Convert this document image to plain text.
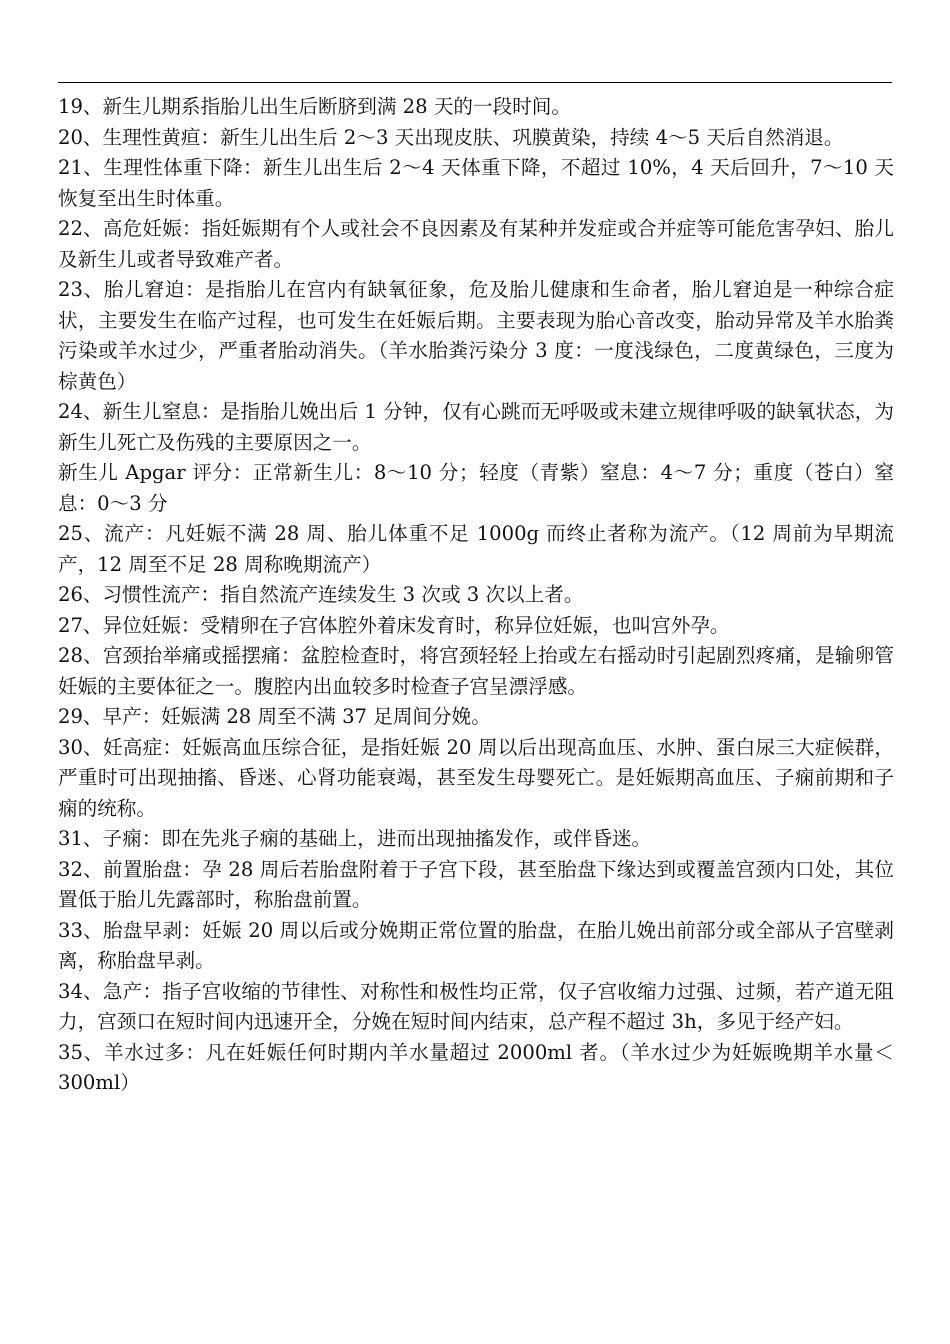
19、新生儿期系指胎儿出生后断脐到满 28 天的一段时间。

20、生理性黄疸：新生儿出生后 2～3 天出现皮肤、巩膜黄染，持续 4～5 天后自然消退。

21、生理性体重下降：新生儿出生后 2～4 天体重下降，不超过 10%，4 天后回升，7～10 天恢复至出生时体重。

22、高危妊娠：指妊娠期有个人或社会不良因素及有某种并发症或合并症等可能危害孕妇、胎儿及新生儿或者导致难产者。

23、胎儿窘迫：是指胎儿在宫内有缺氧征象，危及胎儿健康和生命者，胎儿窘迫是一种综合症状，主要发生在临产过程，也可发生在妊娠后期。主要表现为胎心音改变，胎动异常及羊水胎粪污染或羊水过少，严重者胎动消失。（羊水胎粪污染分 3 度：一度浅绿色，二度黄绿色，三度为棕黄色）

24、新生儿窒息：是指胎儿娩出后 1 分钟，仅有心跳而无呼吸或未建立规律呼吸的缺氧状态，为新生儿死亡及伤残的主要原因之一。

新生儿 Apgar 评分：正常新生儿：8～10 分；轻度（青紫）窒息：4～7 分；重度（苍白）窒息：0～3 分

25、流产：凡妊娠不满 28 周、胎儿体重不足 1000g 而终止者称为流产。（12 周前为早期流产，12 周至不足 28 周称晚期流产）

26、习惯性流产：指自然流产连续发生 3 次或 3 次以上者。

27、异位妊娠：受精卵在子宫体腔外着床发育时，称异位妊娠，也叫宫外孕。

28、宫颈抬举痛或摇摆痛：盆腔检查时，将宫颈轻轻上抬或左右摇动时引起剧烈疼痛，是输卵管妊娠的主要体征之一。腹腔内出血较多时检查子宫呈漂浮感。

29、早产：妊娠满 28 周至不满 37 足周间分娩。

30、妊高症：妊娠高血压综合征，是指妊娠 20 周以后出现高血压、水肿、蛋白尿三大症候群，严重时可出现抽搐、昏迷、心肾功能衰竭，甚至发生母婴死亡。是妊娠期高血压、子痫前期和子痫的统称。

31、子痫：即在先兆子痫的基础上，进而出现抽搐发作，或伴昏迷。

32、前置胎盘：孕 28 周后若胎盘附着于子宫下段，甚至胎盘下缘达到或覆盖宫颈内口处，其位置低于胎儿先露部时，称胎盘前置。

33、胎盘早剥：妊娠 20 周以后或分娩期正常位置的胎盘，在胎儿娩出前部分或全部从子宫壁剥离，称胎盘早剥。

34、急产：指子宫收缩的节律性、对称性和极性均正常，仅子宫收缩力过强、过频，若产道无阻力，宫颈口在短时间内迅速开全，分娩在短时间内结束，总产程不超过 3h，多见于经产妇。

35、羊水过多：凡在妊娠任何时期内羊水量超过 2000ml 者。（羊水过少为妊娠晚期羊水量＜300ml）
